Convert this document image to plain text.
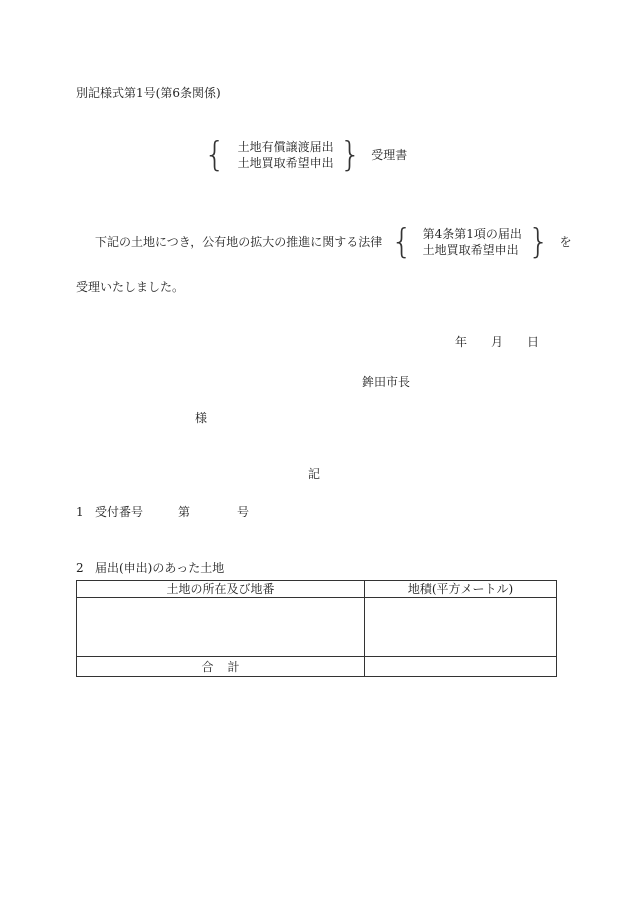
別記様式第1号(第6条関係)
{ 土地有償譲渡届出
土地買取希望申出 } 受理書
下記の土地につき，公有地の拡大の推進に関する法律 { 第4条第1項の届出
土地買取希望申出 } を
受理いたしました。
年 月 日
鉾田市長
様
記
1 受付番号	第	号
2 届出(申出)のあった土地
土地の所在及び地番	地積(平方メートル)

合計	
